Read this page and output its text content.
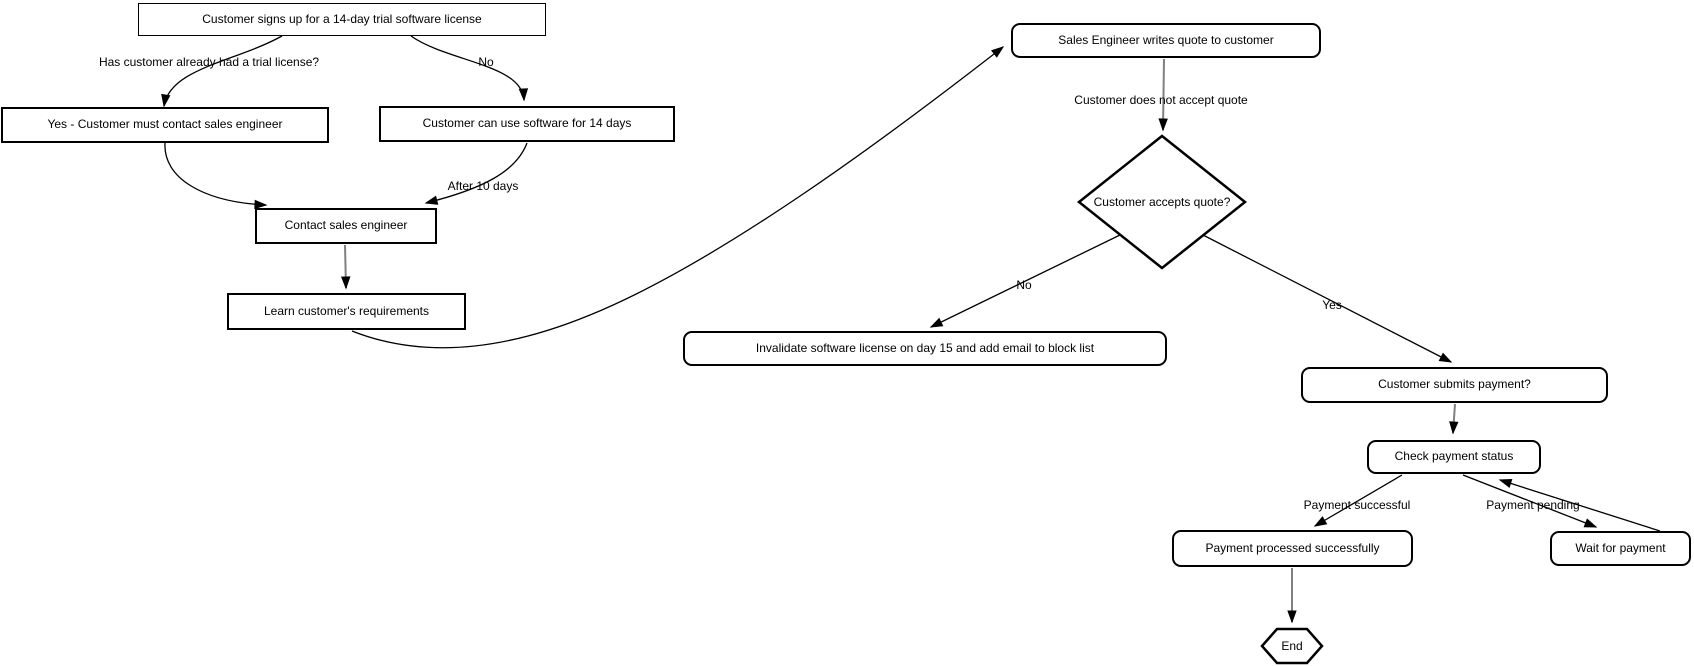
Customer signs up for a 14-day trial software license
Yes - Customer must contact sales engineer	Customer can use software for 14 days
Contact sales engineer
Learn customer's requirements
Sales Engineer writes quote to customer
Invalidate software license on day 15 and add email to block list
Customer submits payment?
Check payment status
Payment processed successfully	Wait for payment
Customer accepts quote?
End
Has customer already had a trial license?	No
After 10 days
Customer does not accept quote
No
Yes
Payment successful	Payment pending
